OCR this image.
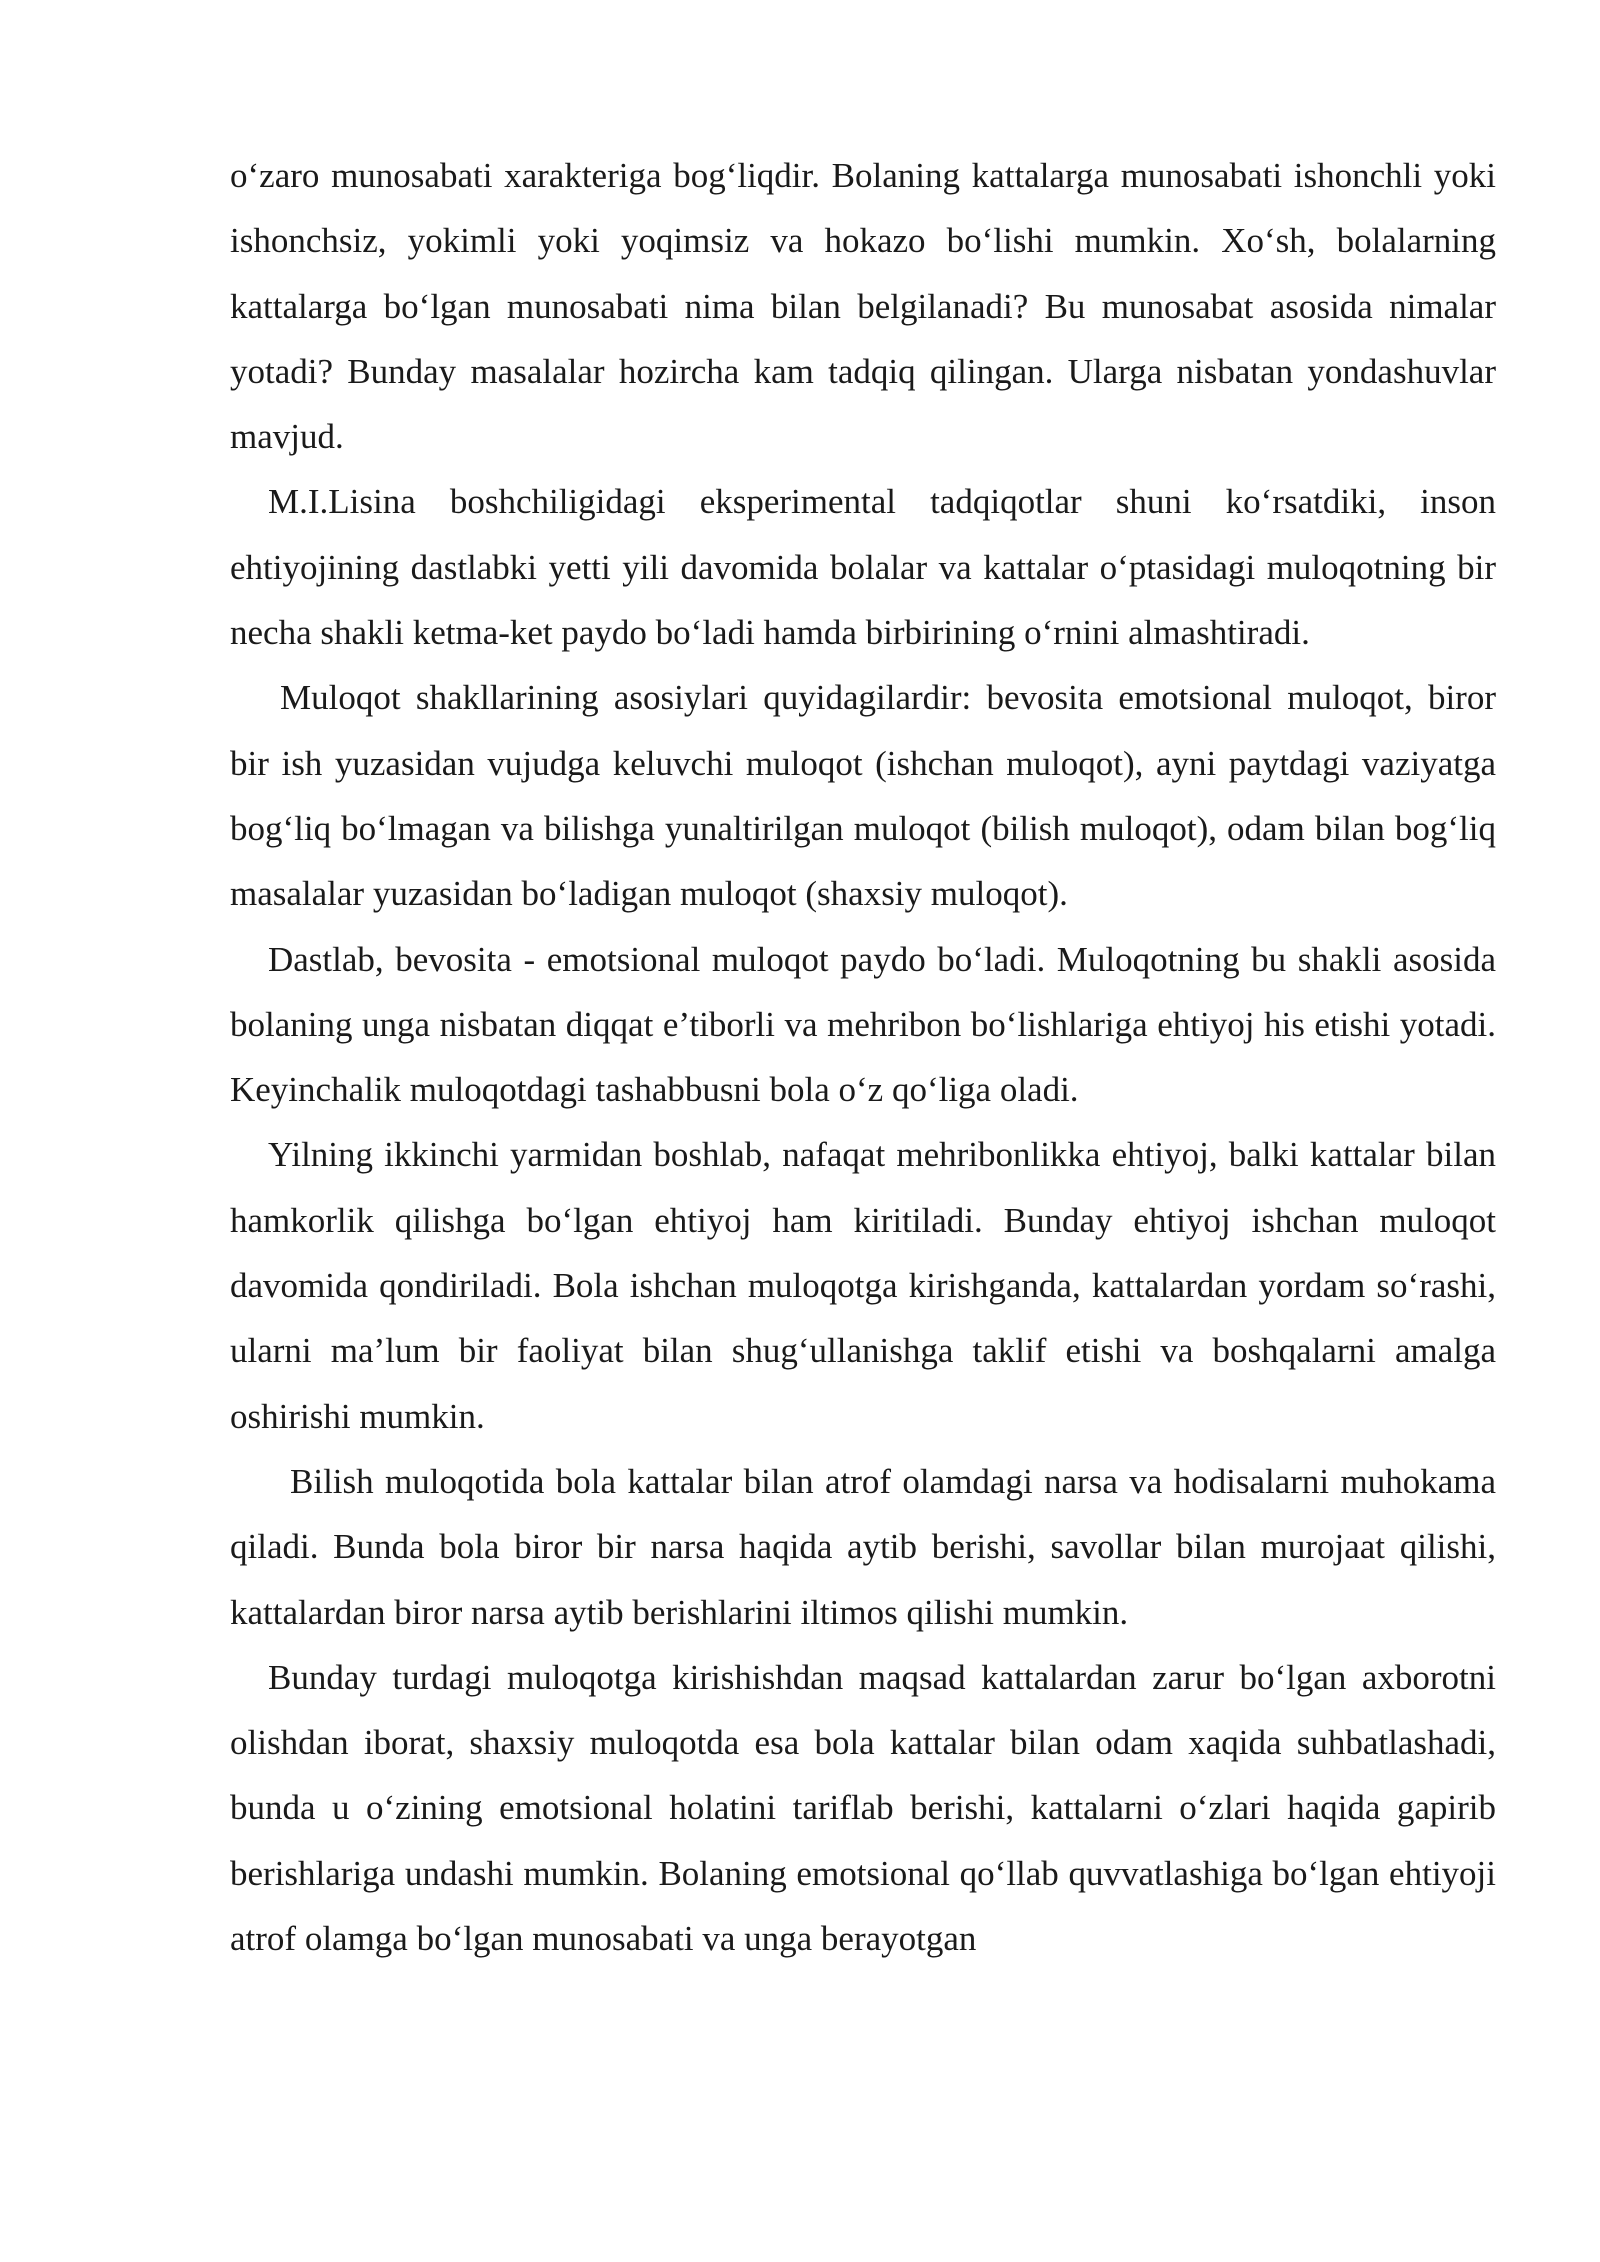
o‘zaro munosabati xarakteriga bog‘liqdir. Bolaning kattalarga munosabati ishonchli yoki ishonchsiz, yokimli yoki yoqimsiz va hokazo bo‘lishi mumkin. Xo‘sh, bolalarning kattalarga bo‘lgan munosabati nima bilan belgilanadi? Bu munosabat asosida nimalar yotadi? Bunday masalalar hozircha kam tadqiq qilingan. Ularga nisbatan yondashuvlar mavjud.

M.I.Lisina boshchiligidagi eksperimental tadqiqotlar shuni ko‘rsatdiki, inson ehtiyojining dastlabki yetti yili davomida bolalar va kattalar o‘ptasidagi muloqotning bir necha shakli ketma-ket paydo bo‘ladi hamda birbirining o‘rnini almashtiradi.

Muloqot shakllarining asosiylari quyidagilardir: bevosita emotsional muloqot, biror bir ish yuzasidan vujudga keluvchi muloqot (ishchan muloqot), ayni paytdagi vaziyatga bog‘liq bo‘lmagan va bilishga yunaltirilgan muloqot (bilish muloqot), odam bilan bog‘liq masalalar yuzasidan bo‘ladigan muloqot (shaxsiy muloqot).

Dastlab, bevosita - emotsional muloqot paydo bo‘ladi. Muloqotning bu shakli asosida bolaning unga nisbatan diqqat e’tiborli va mehribon bo‘lishlariga ehtiyoj his etishi yotadi. Keyinchalik muloqotdagi tashabbusni bola o‘z qo‘liga oladi.

Yilning ikkinchi yarmidan boshlab, nafaqat mehribonlikka ehtiyoj, balki kattalar bilan hamkorlik qilishga bo‘lgan ehtiyoj ham kiritiladi. Bunday ehtiyoj ishchan muloqot davomida qondiriladi. Bola ishchan muloqotga kirishganda, kattalardan yordam so‘rashi, ularni ma’lum bir faoliyat bilan shug‘ullanishga taklif etishi va boshqalarni amalga oshirishi mumkin.

Bilish muloqotida bola kattalar bilan atrof olamdagi narsa va hodisalarni muhokama qiladi. Bunda bola biror bir narsa haqida aytib berishi, savollar bilan murojaat qilishi, kattalardan biror narsa aytib berishlarini iltimos qilishi mumkin.

Bunday turdagi muloqotga kirishishdan maqsad kattalardan zarur bo‘lgan axborotni olishdan iborat, shaxsiy muloqotda esa bola kattalar bilan odam xaqida suhbatlashadi, bunda u o‘zining emotsional holatini tariflab berishi, kattalarni o‘zlari haqida gapirib berishlariga undashi mumkin. Bolaning emotsional qo‘llab quvvatlashiga bo‘lgan ehtiyoji atrof olamga bo‘lgan munosabati va unga berayotgan
